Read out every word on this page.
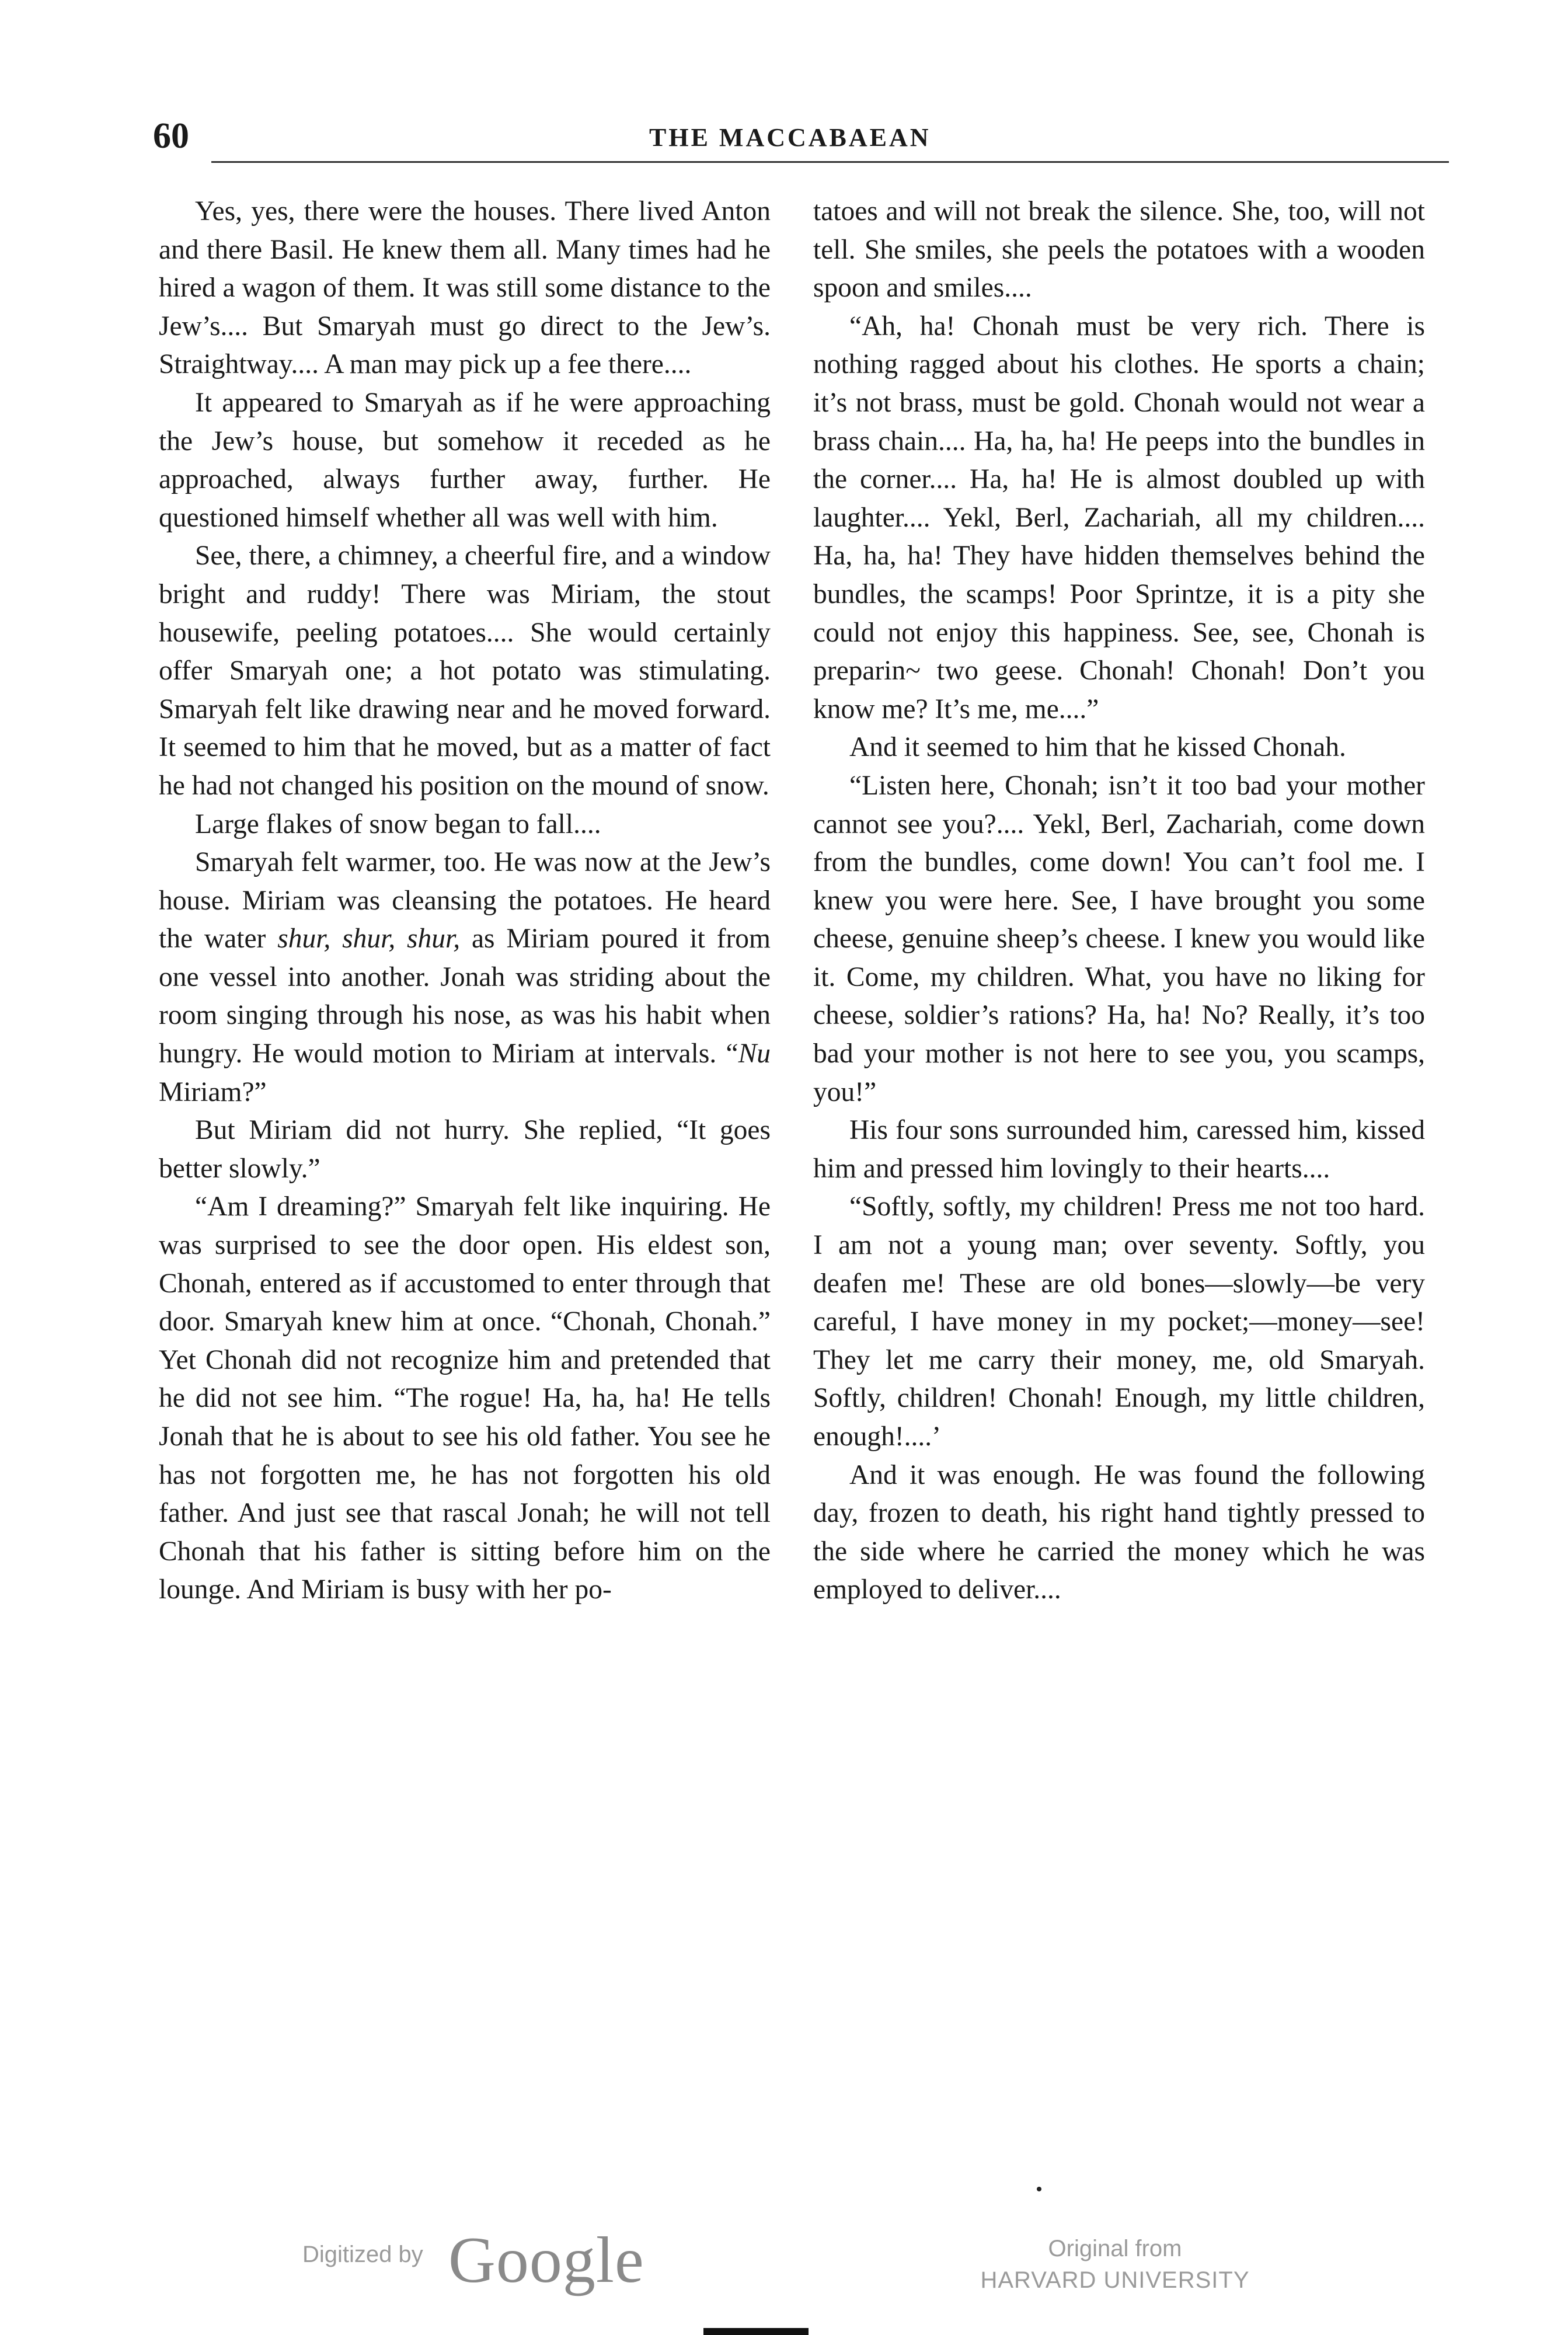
60	THE MACCABAEAN

Yes, yes, there were the houses. There lived Anton and there Basil. He knew them all. Many times had he hired a wagon of them. It was still some distance to the Jew’s.... But Smaryah must go direct to the Jew’s. Straightway.... A man may pick up a fee there....

It appeared to Smaryah as if he were approaching the Jew’s house, but somehow it receded as he approached, always further away, further. He questioned himself whether all was well with him.

See, there, a chimney, a cheerful fire, and a window bright and ruddy! There was Miriam, the stout housewife, peeling potatoes.... She would certainly offer Smaryah one; a hot potato was stimulating. Smaryah felt like drawing near and he moved forward. It seemed to him that he moved, but as a matter of fact he had not changed his position on the mound of snow.

Large flakes of snow began to fall....

Smaryah felt warmer, too. He was now at the Jew’s house. Miriam was cleansing the potatoes. He heard the water shur, shur, shur, as Miriam poured it from one vessel into another. Jonah was striding about the room singing through his nose, as was his habit when hungry. He would motion to Miriam at intervals. “Nu Miriam?”

But Miriam did not hurry. She replied, “It goes better slowly.”

“Am I dreaming?” Smaryah felt like inquiring. He was surprised to see the door open. His eldest son, Chonah, entered as if accustomed to enter through that door. Smaryah knew him at once. “Chonah, Chonah.” Yet Chonah did not recognize him and pretended that he did not see him. “The rogue! Ha, ha, ha! He tells Jonah that he is about to see his old father. You see he has not forgotten me, he has not forgotten his old father. And just see that rascal Jonah; he will not tell Chonah that his father is sitting before him on the lounge. And Miriam is busy with her po-

tatoes and will not break the silence. She, too, will not tell. She smiles, she peels the potatoes with a wooden spoon and smiles....

“Ah, ha! Chonah must be very rich. There is nothing ragged about his clothes. He sports a chain; it’s not brass, must be gold. Chonah would not wear a brass chain.... Ha, ha, ha! He peeps into the bundles in the corner.... Ha, ha! He is almost doubled up with laughter.... Yekl, Berl, Zachariah, all my children.... Ha, ha, ha! They have hidden themselves behind the bundles, the scamps! Poor Sprintze, it is a pity she could not enjoy this happiness. See, see, Chonah is preparin~ two geese. Chonah! Chonah! Don’t you know me? It’s me, me....”

And it seemed to him that he kissed Chonah.

“Listen here, Chonah; isn’t it too bad your mother cannot see you?.... Yekl, Berl, Zachariah, come down from the bundles, come down! You can’t fool me. I knew you were here. See, I have brought you some cheese, genuine sheep’s cheese. I knew you would like it. Come, my children. What, you have no liking for cheese, soldier’s rations? Ha, ha! No? Really, it’s too bad your mother is not here to see you, you scamps, you!”

His four sons surrounded him, caressed him, kissed him and pressed him lovingly to their hearts....

“Softly, softly, my children! Press me not too hard. I am not a young man; over seventy. Softly, you deafen me! These are old bones—slowly—be very careful, I have money in my pocket;—money—see! They let me carry their money, me, old Smaryah. Softly, children! Chonah! Enough, my little children, enough!....’

And it was enough. He was found the following day, frozen to death, his right hand tightly pressed to the side where he carried the money which he was employed to deliver....

Digitized by Google	Original from
HARVARD UNIVERSITY
